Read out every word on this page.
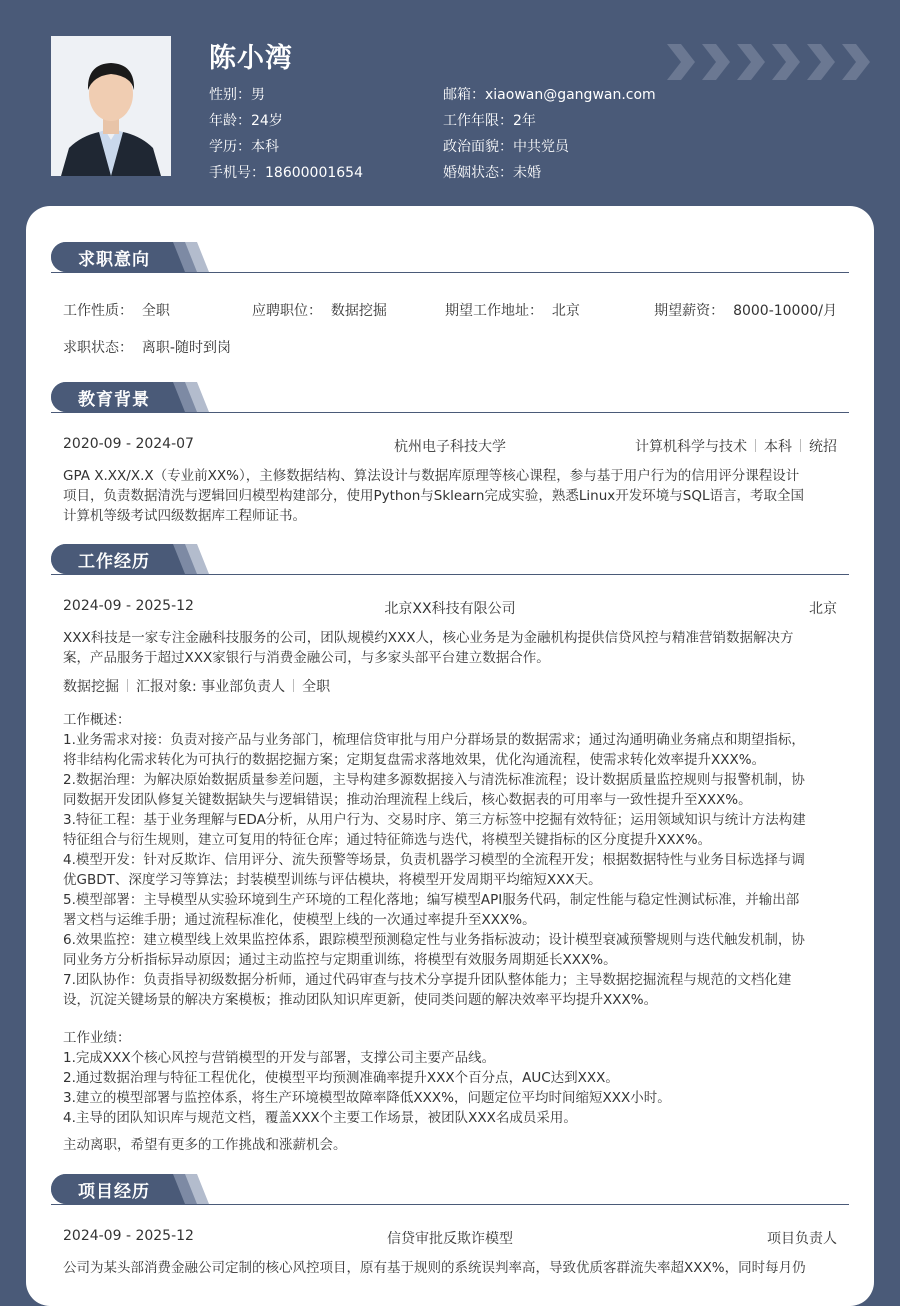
陈小湾
性别：男
年龄：24岁
学历：本科
手机号：18600001654
邮箱：xiaowan@gangwan.com
工作年限：2年
政治面貌：中共党员
婚姻状态：未婚
求职意向
工作性质： 全职	应聘职位： 数据挖掘	期望工作地址： 北京	期望薪资： 8000-10000/月
求职状态： 离职-随时到岗
教育背景
2020-09 - 2024-07	杭州电子科技大学	计算机科学与技术 本科 统招
GPA X.XX/X.X（专业前XX%），主修数据结构、算法设计与数据库原理等核心课程，参与基于用户行为的信用评分课程设计
项目，负责数据清洗与逻辑回归模型构建部分，使用Python与Sklearn完成实验，熟悉Linux开发环境与SQL语言，考取全国
计算机等级考试四级数据库工程师证书。
工作经历
2024-09 - 2025-12	北京XX科技有限公司	北京
XXX科技是一家专注金融科技服务的公司，团队规模约XXX人，核心业务是为金融机构提供信贷风控与精准营销数据解决方
案，产品服务于超过XXX家银行与消费金融公司，与多家头部平台建立数据合作。
数据挖掘 汇报对象: 事业部负责人 全职
工作概述：
1.业务需求对接：负责对接产品与业务部门，梳理信贷审批与用户分群场景的数据需求；通过沟通明确业务痛点和期望指标，
将非结构化需求转化为可执行的数据挖掘方案；定期复盘需求落地效果，优化沟通流程，使需求转化效率提升XXX%。
2.数据治理：为解决原始数据质量参差问题，主导构建多源数据接入与清洗标准流程；设计数据质量监控规则与报警机制，协
同数据开发团队修复关键数据缺失与逻辑错误；推动治理流程上线后，核心数据表的可用率与一致性提升至XXX%。
3.特征工程：基于业务理解与EDA分析，从用户行为、交易时序、第三方标签中挖掘有效特征；运用领域知识与统计方法构建
特征组合与衍生规则，建立可复用的特征仓库；通过特征筛选与迭代，将模型关键指标的区分度提升XXX%。
4.模型开发：针对反欺诈、信用评分、流失预警等场景，负责机器学习模型的全流程开发；根据数据特性与业务目标选择与调
优GBDT、深度学习等算法；封装模型训练与评估模块，将模型开发周期平均缩短XXX天。
5.模型部署：主导模型从实验环境到生产环境的工程化落地；编写模型API服务代码，制定性能与稳定性测试标准，并输出部
署文档与运维手册；通过流程标准化，使模型上线的一次通过率提升至XXX%。
6.效果监控：建立模型线上效果监控体系，跟踪模型预测稳定性与业务指标波动；设计模型衰减预警规则与迭代触发机制，协
同业务方分析指标异动原因；通过主动监控与定期重训练，将模型有效服务周期延长XXX%。
7.团队协作：负责指导初级数据分析师，通过代码审查与技术分享提升团队整体能力；主导数据挖掘流程与规范的文档化建
设，沉淀关键场景的解决方案模板；推动团队知识库更新，使同类问题的解决效率平均提升XXX%。
工作业绩：
1.完成XXX个核心风控与营销模型的开发与部署，支撑公司主要产品线。
2.通过数据治理与特征工程优化，使模型平均预测准确率提升XXX个百分点，AUC达到XXX。
3.建立的模型部署与监控体系，将生产环境模型故障率降低XXX%，问题定位平均时间缩短XXX小时。
4.主导的团队知识库与规范文档，覆盖XXX个主要工作场景，被团队XXX名成员采用。
主动离职，希望有更多的工作挑战和涨薪机会。
项目经历
2024-09 - 2025-12	信贷审批反欺诈模型	项目负责人
公司为某头部消费金融公司定制的核心风控项目，原有基于规则的系统误判率高，导致优质客群流失率超XXX%，同时每月仍
